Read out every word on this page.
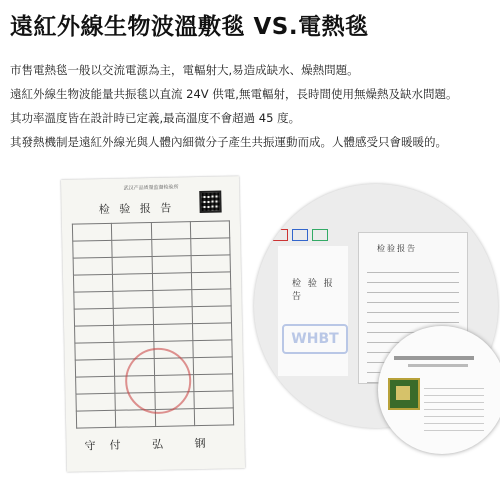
遠紅外線生物波溫敷毯 VS.電熱毯
市售電熱毯一般以交流電源為主，電輻射大,易造成缺水、燥熱問題。
遠紅外線生物波能量共振毯以直流 24V 供電,無電輻射，長時間使用無燥熱及缺水問題。
其功率溫度皆在設計時已定義,最高溫度不會超過 45 度。
其發熱機制是遠紅外線光與人體內細微分子產生共振運動而成。人體感受只會暖暖的。
武汉产品质量监督检验所
检 验 报 告

守付 弘 钢
检 验 报 告
WHBT
检验报告
